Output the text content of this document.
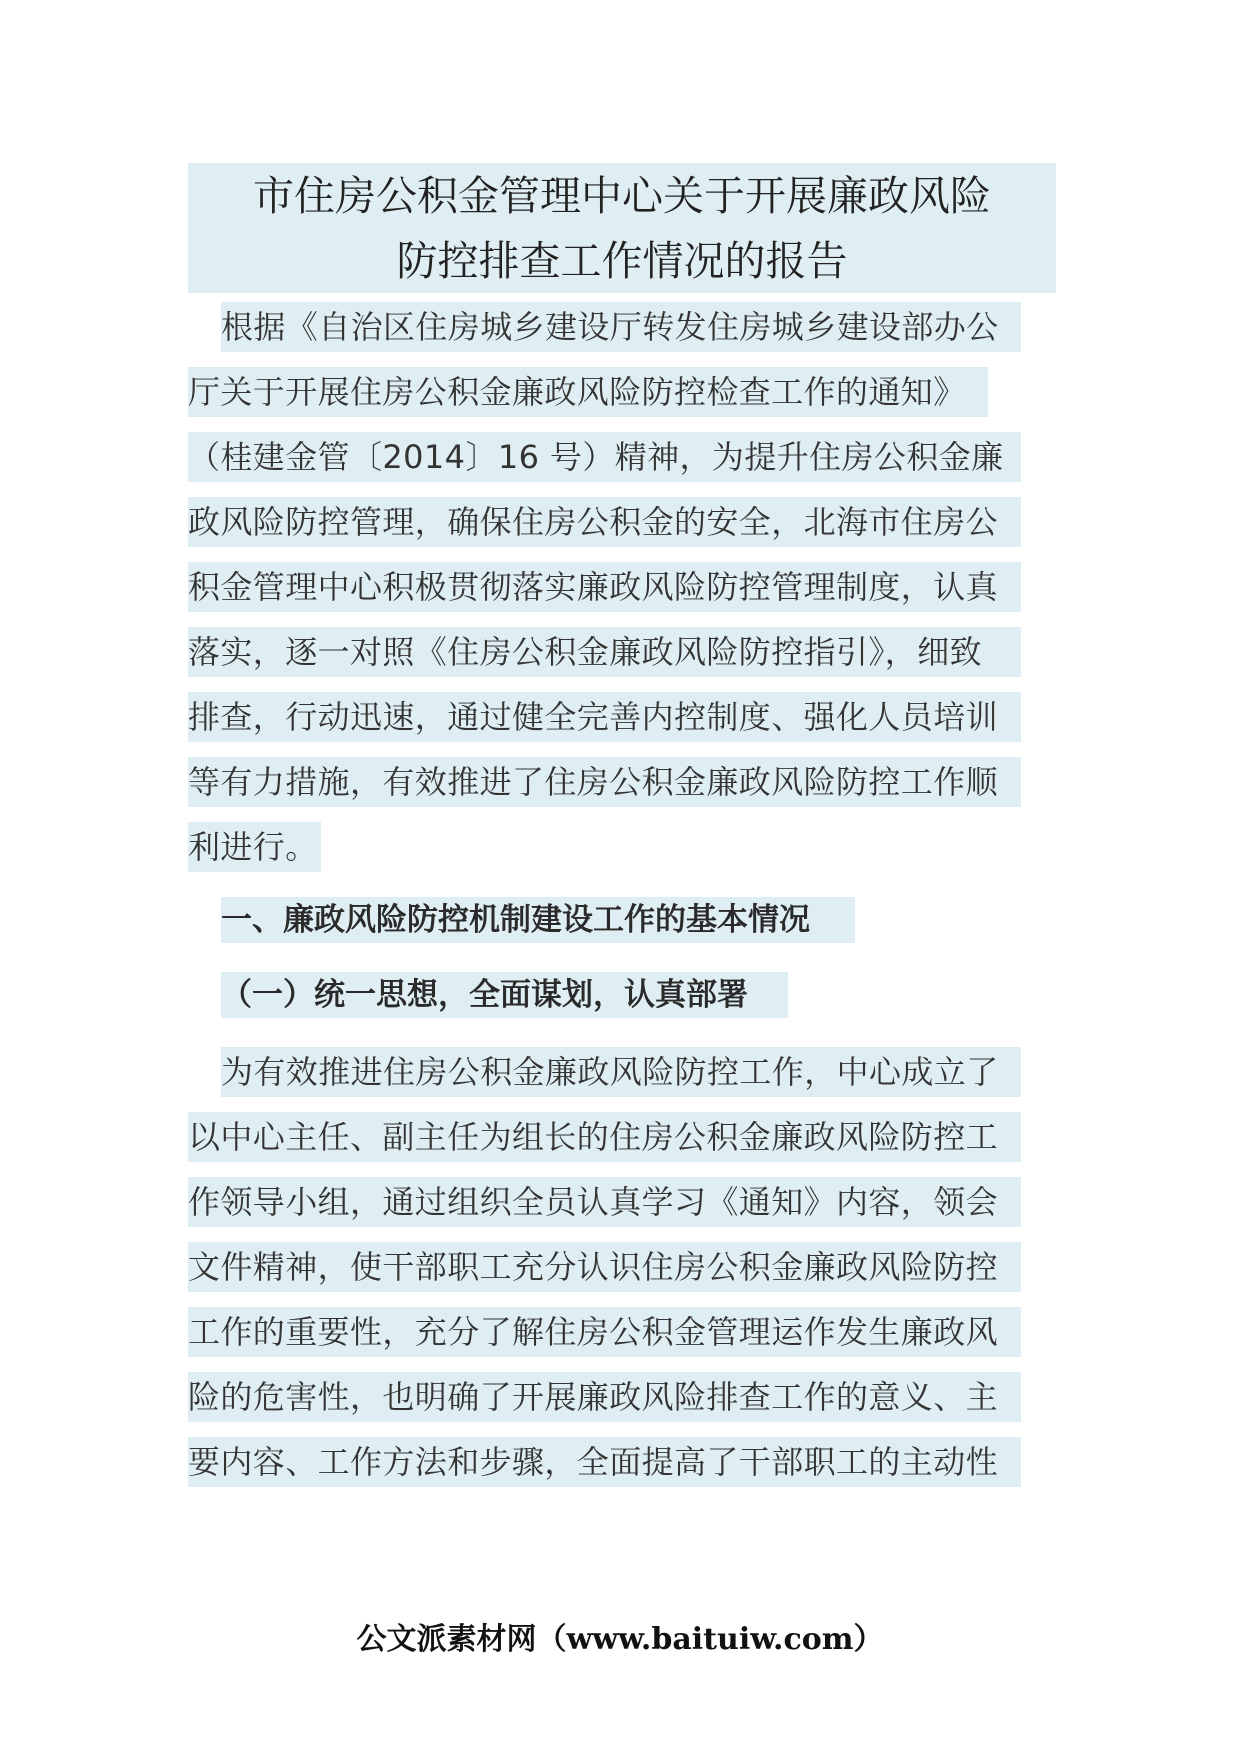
市住房公积金管理中心关于开展廉政风险
防控排查工作情况的报告
根据《自治区住房城乡建设厅转发住房城乡建设部办公
厅关于开展住房公积金廉政风险防控检查工作的通知》
（桂建金管〔2014〕16 号）精神，为提升住房公积金廉
政风险防控管理，确保住房公积金的安全，北海市住房公
积金管理中心积极贯彻落实廉政风险防控管理制度，认真
落实，逐一对照《住房公积金廉政风险防控指引》，细致
排查，行动迅速，通过健全完善内控制度、强化人员培训
等有力措施，有效推进了住房公积金廉政风险防控工作顺
利进行。
一、廉政风险防控机制建设工作的基本情况
（一）统一思想，全面谋划，认真部署
为有效推进住房公积金廉政风险防控工作，中心成立了
以中心主任、副主任为组长的住房公积金廉政风险防控工
作领导小组，通过组织全员认真学习《通知》内容，领会
文件精神，使干部职工充分认识住房公积金廉政风险防控
工作的重要性，充分了解住房公积金管理运作发生廉政风
险的危害性，也明确了开展廉政风险排查工作的意义、主
要内容、工作方法和步骤，全面提高了干部职工的主动性
公文派素材网（www.baituiw.com）
